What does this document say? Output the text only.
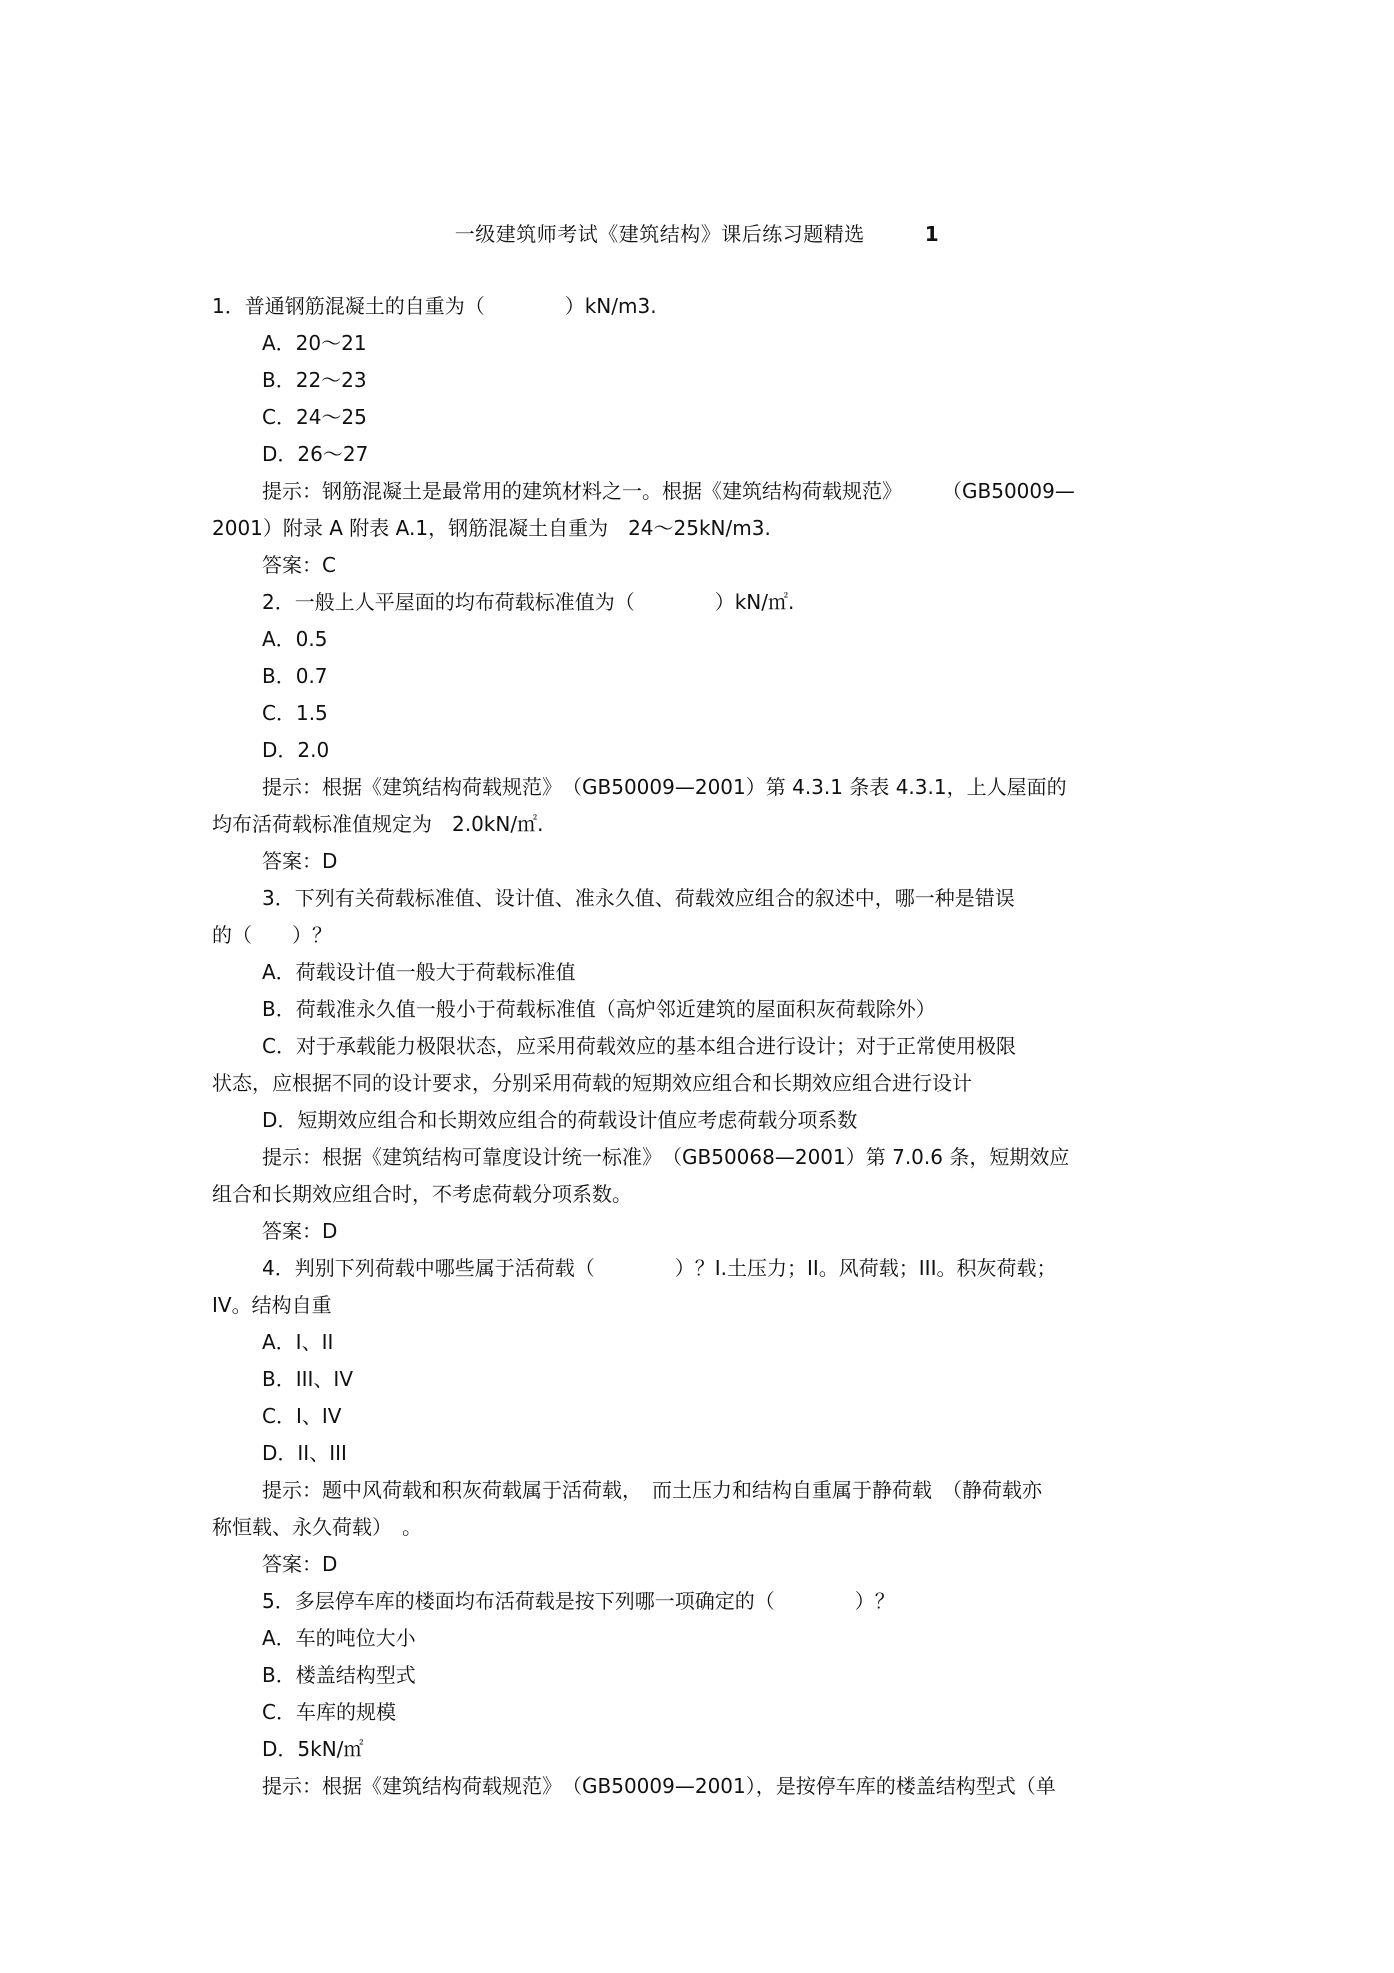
一级建筑师考试《建筑结构》课后练习题精选	1
1．普通钢筋混凝土的自重为（　　　　）kN/m3.
A．20～21
B．22～23
C．24～25
D．26～27
提示：钢筋混凝土是最常用的建筑材料之一。根据《建筑结构荷载规范》　　　（GB50009—
2001）附录 A 附表 A.1，钢筋混凝土自重为　24～25kN/m3.
答案：C
2．一般上人平屋面的均布荷载标准值为（　　　　）kN/㎡.
A．0.5
B．0.7
C．1.5
D．2.0
提示：根据《建筑结构荷载规范》　（GB50009—2001）第 4.3.1 条表 4.3.1，上人屋面的
均布活荷载标准值规定为　2.0kN/㎡.
答案：D
3．下列有关荷载标准值、设计值、准永久值、荷载效应组合的叙述中，哪一种是错误
的（　　）？
A．荷载设计值一般大于荷载标准值
B．荷载准永久值一般小于荷载标准值（高炉邻近建筑的屋面积灰荷载除外）
C．对于承载能力极限状态，应采用荷载效应的基本组合进行设计；对于正常使用极限
状态，应根据不同的设计要求，分别采用荷载的短期效应组合和长期效应组合进行设计
D．短期效应组合和长期效应组合的荷载设计值应考虑荷载分项系数
提示：根据《建筑结构可靠度设计统一标准》　（GB50068—2001）第 7.0.6 条，短期效应
组合和长期效应组合时，不考虑荷载分项系数。
答案：D
4．判别下列荷载中哪些属于活荷载（　　　　）？I.土压力；II。风荷载；III。积灰荷载；
IV。结构自重
A．I、II
B．III、IV
C．I、IV
D．II、III
提示：题中风荷载和积灰荷载属于活荷载，　而土压力和结构自重属于静荷载　（静荷载亦
称恒载、永久荷载）　。
答案：D
5．多层停车库的楼面均布活荷载是按下列哪一项确定的（　　　　）？
A．车的吨位大小
B．楼盖结构型式
C．车库的规模
D．5kN/㎡
提示：根据《建筑结构荷载规范》　（GB50009—2001），是按停车库的楼盖结构型式（单
